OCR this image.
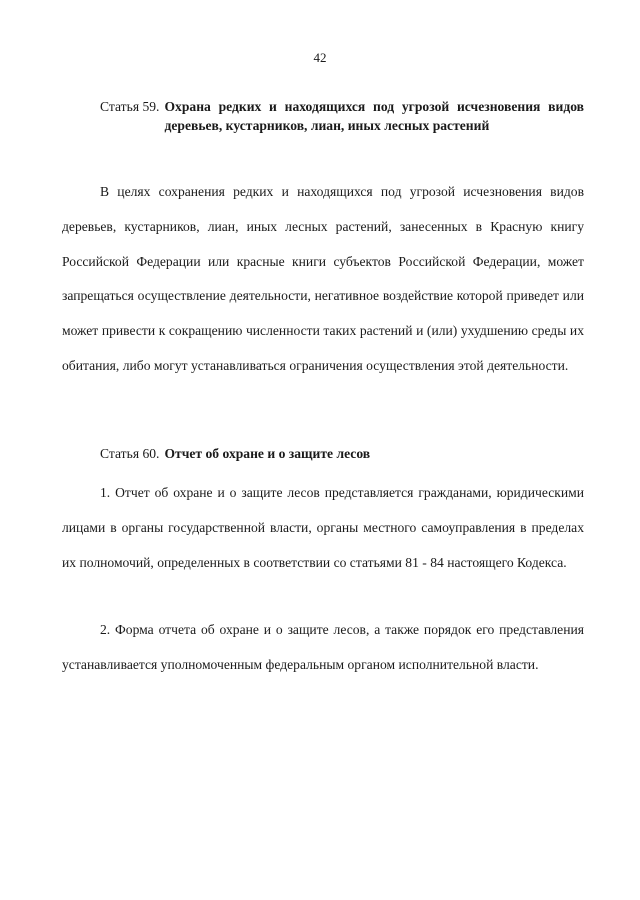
42
Статья 59. Охрана редких и находящихся под угрозой исчезновения видов деревьев, кустарников, лиан, иных лесных растений

В целях сохранения редких и находящихся под угрозой исчезновения видов деревьев, кустарников, лиан, иных лесных растений, занесенных в Красную книгу Российской Федерации или красные книги субъектов Российской Федерации, может запрещаться осуществление деятельности, негативное воздействие которой приведет или может привести к сокращению численности таких растений и (или) ухудшению среды их обитания, либо могут устанавливаться ограничения осуществления этой деятельности.

Статья 60. Отчет об охране и о защите лесов

1. Отчет об охране и о защите лесов представляется гражданами, юридическими лицами в органы государственной власти, органы местного самоуправления в пределах их полномочий, определенных в соответствии со статьями 81 - 84 настоящего Кодекса.

2. Форма отчета об охране и о защите лесов, а также порядок его представления устанавливается уполномоченным федеральным органом исполнительной власти.
